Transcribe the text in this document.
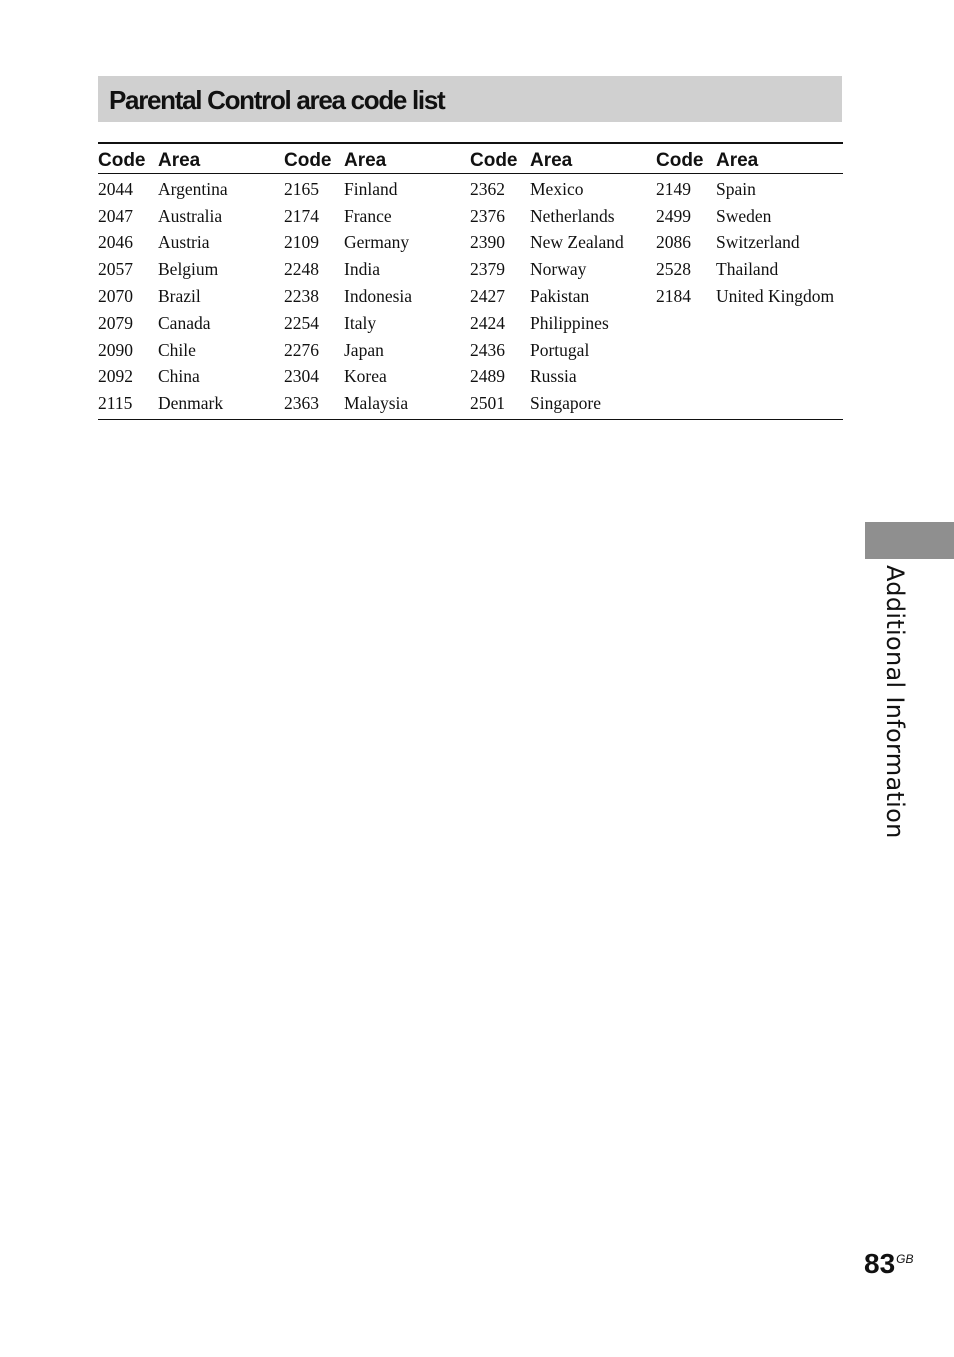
Parental Control area code list
Code	Area	Code	Area	Code	Area	Code	Area
2044	Argentina	2165	Finland	2362	Mexico	2149	Spain
2047	Australia	2174	France	2376	Netherlands	2499	Sweden
2046	Austria	2109	Germany	2390	New Zealand	2086	Switzerland
2057	Belgium	2248	India	2379	Norway	2528	Thailand
2070	Brazil	2238	Indonesia	2427	Pakistan	2184	United Kingdom
2079	Canada	2254	Italy	2424	Philippines		
2090	Chile	2276	Japan	2436	Portugal		
2092	China	2304	Korea	2489	Russia		
2115	Denmark	2363	Malaysia	2501	Singapore		
Additional Information
$83^{GB}$
